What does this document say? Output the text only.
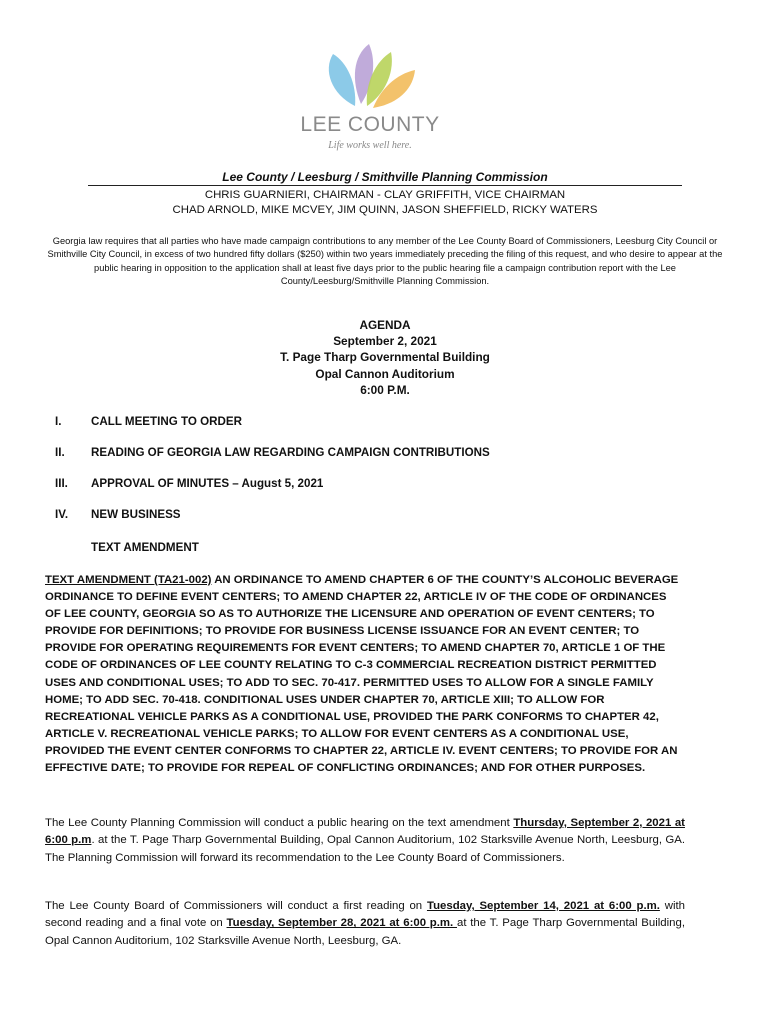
LEE COUNTY
Life works well here.
Lee County / Leesburg / Smithville Planning Commission
CHRIS GUARNIERI, CHAIRMAN - CLAY GRIFFITH, VICE CHAIRMAN
CHAD ARNOLD, MIKE MCVEY, JIM QUINN, JASON SHEFFIELD, RICKY WATERS
Georgia law requires that all parties who have made campaign contributions to any member of the Lee County Board of Commissioners, Leesburg City Council or Smithville City Council, in excess of two hundred fifty dollars ($250) within two years immediately preceding the filing of this request, and who desire to appear at the public hearing in opposition to the application shall at least five days prior to the public hearing file a campaign contribution report with the Lee County/Leesburg/Smithville Planning Commission.
AGENDA
September 2, 2021
T. Page Tharp Governmental Building
Opal Cannon Auditorium
6:00 P.M.
I.	CALL MEETING TO ORDER
II. READING OF GEORGIA LAW REGARDING CAMPAIGN CONTRIBUTIONS
III. APPROVAL OF MINUTES – August 5, 2021
IV. NEW BUSINESS
TEXT AMENDMENT
TEXT AMENDMENT (TA21-002) AN ORDINANCE TO AMEND CHAPTER 6 OF THE COUNTY’S ALCOHOLIC BEVERAGE ORDINANCE TO DEFINE EVENT CENTERS; TO AMEND CHAPTER 22, ARTICLE IV OF THE CODE OF ORDINANCES OF LEE COUNTY, GEORGIA SO AS TO AUTHORIZE THE LICENSURE AND OPERATION OF EVENT CENTERS; TO PROVIDE FOR DEFINITIONS; TO PROVIDE FOR BUSINESS LICENSE ISSUANCE FOR AN EVENT CENTER; TO PROVIDE FOR OPERATING REQUIREMENTS FOR EVENT CENTERS; TO AMEND CHAPTER 70, ARTICLE 1 OF THE CODE OF ORDINANCES OF LEE COUNTY RELATING TO C-3 COMMERCIAL RECREATION DISTRICT PERMITTED USES AND CONDITIONAL USES; TO ADD TO SEC. 70-417. PERMITTED USES TO ALLOW FOR A SINGLE FAMILY HOME; TO ADD SEC. 70-418. CONDITIONAL USES UNDER CHAPTER 70, ARTICLE XIII; TO ALLOW FOR RECREATIONAL VEHICLE PARKS AS A CONDITIONAL USE, PROVIDED THE PARK CONFORMS TO CHAPTER 42, ARTICLE V. RECREATIONAL VEHICLE PARKS; TO ALLOW FOR EVENT CENTERS AS A CONDITIONAL USE, PROVIDED THE EVENT CENTER CONFORMS TO CHAPTER 22, ARTICLE IV. EVENT CENTERS; TO PROVIDE FOR AN EFFECTIVE DATE; TO PROVIDE FOR REPEAL OF CONFLICTING ORDINANCES; AND FOR OTHER PURPOSES.
The Lee County Planning Commission will conduct a public hearing on the text amendment Thursday, September 2, 2021 at 6:00 p.m. at the T. Page Tharp Governmental Building, Opal Cannon Auditorium, 102 Starksville Avenue North, Leesburg, GA. The Planning Commission will forward its recommendation to the Lee County Board of Commissioners.
The Lee County Board of Commissioners will conduct a first reading on Tuesday, September 14, 2021 at 6:00 p.m. with second reading and a final vote on Tuesday, September 28, 2021 at 6:00 p.m. at the T. Page Tharp Governmental Building, Opal Cannon Auditorium, 102 Starksville Avenue North, Leesburg, GA.
